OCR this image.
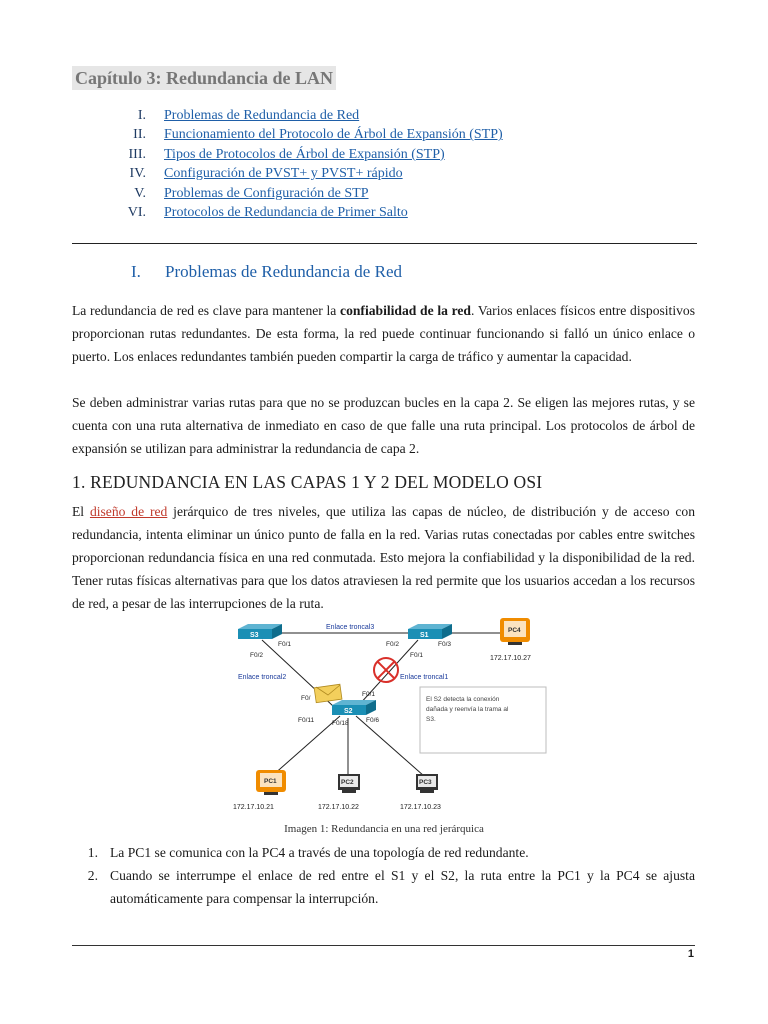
Capítulo 3: Redundancia de LAN
I. Problemas de Redundancia de Red
II. Funcionamiento del Protocolo de Árbol de Expansión (STP)
III. Tipos de Protocolos de Árbol de Expansión (STP)
IV. Configuración de PVST+ y PVST+ rápido
V. Problemas de Configuración de STP
VI. Protocolos de Redundancia de Primer Salto
I. Problemas de Redundancia de Red
La redundancia de red es clave para mantener la confiabilidad de la red. Varios enlaces físicos entre dispositivos proporcionan rutas redundantes. De esta forma, la red puede continuar funcionando si falló un único enlace o puerto. Los enlaces redundantes también pueden compartir la carga de tráfico y aumentar la capacidad.
Se deben administrar varias rutas para que no se produzcan bucles en la capa 2. Se eligen las mejores rutas, y se cuenta con una ruta alternativa de inmediato en caso de que falle una ruta principal. Los protocolos de árbol de expansión se utilizan para administrar la redundancia de capa 2.
1. REDUNDANCIA EN LAS CAPAS 1 Y 2 DEL MODELO OSI
El diseño de red jerárquico de tres niveles, que utiliza las capas de núcleo, de distribución y de acceso con redundancia, intenta eliminar un único punto de falla en la red. Varias rutas conectadas por cables entre switches proporcionan redundancia física en una red conmutada. Esto mejora la confiabilidad y la disponibilidad de la red. Tener rutas físicas alternativas para que los datos atraviesen la red permite que los usuarios accedan a los recursos de red, a pesar de las interrupciones de la ruta.
S3	S1
S2
PC1	PC2	PC3
PC4
Enlace troncal3
Enlace troncal2	Enlace troncal1
F0/1
F0/2
F0/2	F0/3
F0/1
F0/
F0/1
F0/11	F0/18	F0/6
172.17.10.21	172.17.10.22	172.17.10.23
172.17.10.27
El S2 detecta la conexión
dañada y reenvía la trama al
S3.
Imagen 1: Redundancia en una red jerárquica
1. La PC1 se comunica con la PC4 a través de una topología de red redundante.
2. Cuando se interrumpe el enlace de red entre el S1 y el S2, la ruta entre la PC1 y la PC4 se ajusta automáticamente para compensar la interrupción.
1
